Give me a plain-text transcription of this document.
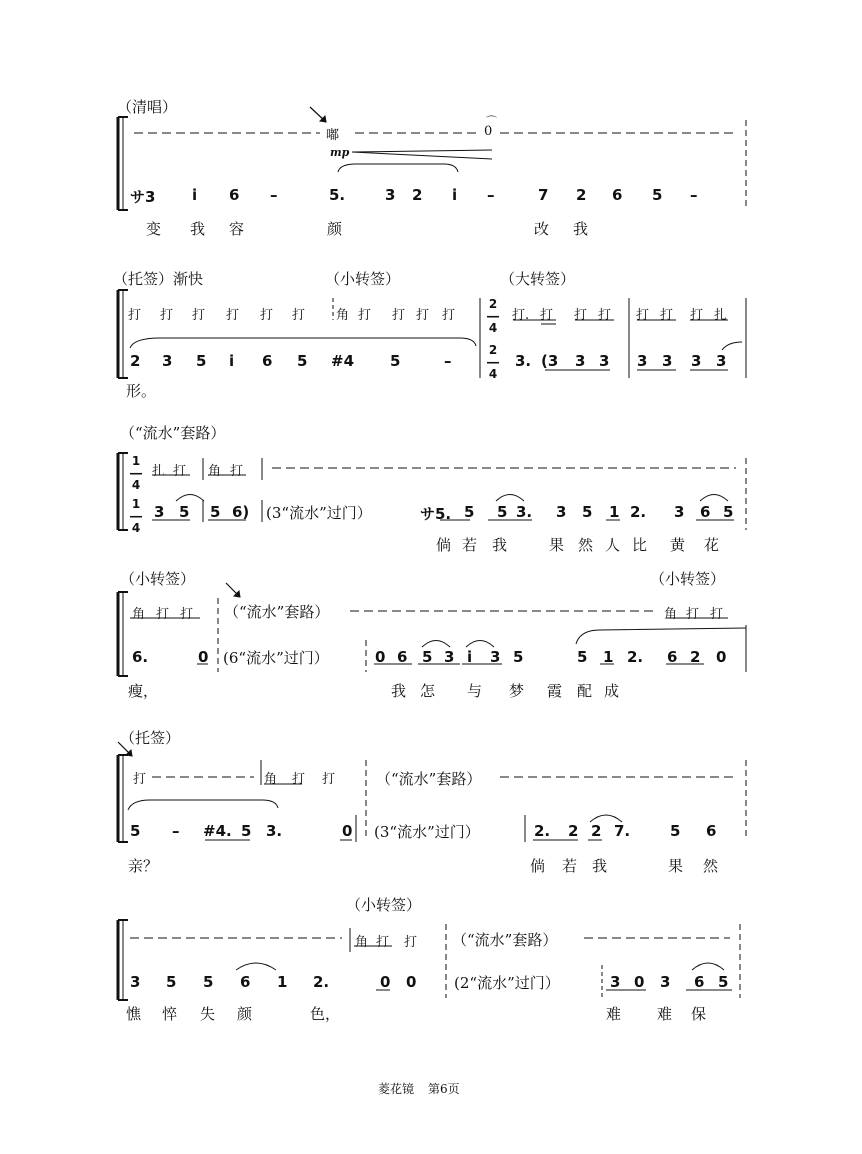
（清唱）
嘟	0
⌒
mp
サ3 i 6 –	5.	3 2 i –	7 2 6 5 –
变 我 容	颜	改 我
（托签）渐快	（小转签）	（大转签）
打 打 打 打 打 打 角 打 打 打 打	打. 打 打 打 打 打 打 扎
2
―
4
2 3 5 i 6 5 #4 5	–
2
―
4
3. (3 3 3 3 3 3 3
形。
（“流水”套路）
1
―
4
扎 打 角 打
1
―
4
3 5 5 6) (3“流水”过门）	サ5. 5 5 3. 3 5 1 2. 3 6 5
倘 若 我	果 然 人 比 黄 花
（小转签）	（小转签）
角 打 打 （“流水”套路）	角 打 打
6.	0 (6“流水”过门）	0 6 5 3 i 3 5	5 1 2. 6 2 0
瘦，	我 怎 与 梦 霞 配 成
（托签）
打	角 打 打	（“流水”套路）
5 – #4. 5 3.	0 (3“流水”过门）	2. 2 2 7.	5 6
亲？	倘 若 我	果 然
（小转签）
角 打 打 （“流水”套路）
3 5 5 6 1 2.	0 0	(2“流水”过门）	3 0 3 6 5
憔 悴 失 颜	色，	难 难 保
菱花镜 第6页
